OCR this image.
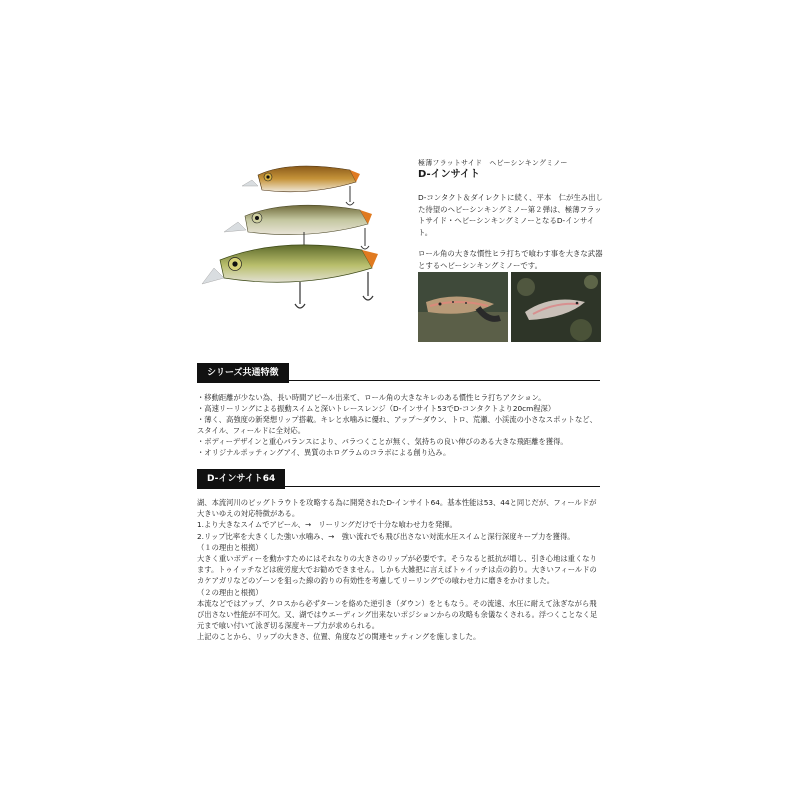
極薄フラットサイド　ヘビーシンキングミノー

D-インサイト

D-コンタクト＆ダイレクトに続く、平本　仁が生み出した待望のヘビーシンキングミノー第２弾は、極薄フラットサイド・ヘビーシンキングミノーとなるD-インサイト。

ロール角の大きな慣性ヒラ打ちで喰わす事を大きな武器とするヘビーシンキングミノーです。

シリーズ共通特徴
・移動距離が少ない為、長い時間アピール出来て、ロール角の大きなキレのある慣性ヒラ打ちアクション。
・高速リーリングによる振動スイムと深いトレースレンジ（D-インサイト53でD-コンタクトより20cm程深）
・薄く、高強度の新発想リップ搭載。キレと水噛みに優れ、アップ〜ダウン、トロ、荒瀬、小渓流の小さなスポットなど、スタイル、フィールドに全対応。
・ボディーデザインと重心バランスにより、バラつくことが無く、気持ちの良い伸びのある大きな飛距離を獲得。
・オリジナルポッティングアイ、異質のホログラムのコラボによる創り込み。
D-インサイト64

湖、本流河川のビッグトラウトを攻略する為に開発されたD-インサイト64。基本性能は53、44と同じだが、フィールドが大きいゆえの対応特徴がある。

1.より大きなスイムでアピール、→　リーリングだけで十分な喰わせ力を発揮。

2.リップ比率を大きくした強い水噛み、→　強い流れでも飛び出さない対流水圧スイムと深行深度キープ力を獲得。

（１の理由と根拠）

大きく重いボディーを動かすためにはそれなりの大きさのリップが必要です。そうなると抵抗が増し、引き心地は重くなります。トゥイッチなどは疲労度大でお勧めできません。しかも大雑把に言えばトゥイッチは点の釣り。大きいフィールドのカケアガリなどのゾーンを狙った線の釣りの有効性を考慮してリーリングでの喰わせ力に磨きをかけました。

（２の理由と根拠）

本流などではアップ、クロスから必ずターンを絡めた逆引き（ダウン）をともなう。その流速、水圧に耐えて泳ぎながら飛び出さない性能が不可欠。又、湖ではウエーディング出来ないポジションからの攻略も余儀なくされる。浮つくことなく足元まで喰い付いて泳ぎ切る深度キープ力が求められる。

上記のことから、リップの大きさ、位置、角度などの関連セッティングを施しました。
